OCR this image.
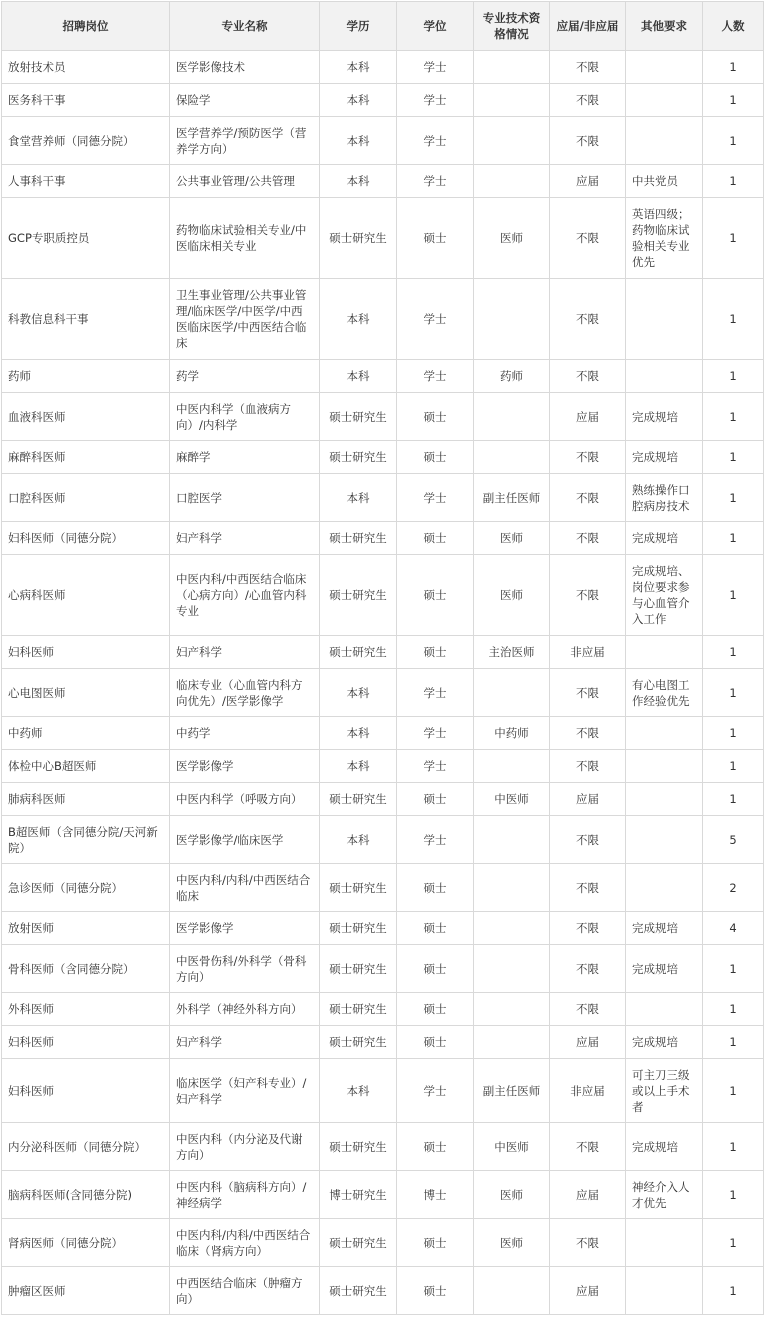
招聘岗位	专业名称	学历	学位	专业技术资格情况	应届/非应届	其他要求	人数
放射技术员	医学影像技术	本科	学士		不限		1
医务科干事	保险学	本科	学士		不限		1
食堂营养师（同德分院）	医学营养学/预防医学（营养学方向）	本科	学士		不限		1
人事科干事	公共事业管理/公共管理	本科	学士		应届	中共党员	1
GCP专职质控员	药物临床试验相关专业/中医临床相关专业	硕士研究生	硕士	医师	不限	英语四级；药物临床试验相关专业优先	1
科教信息科干事	卫生事业管理/公共事业管理/临床医学/中医学/中西医临床医学/中西医结合临床	本科	学士		不限		1
药师	药学	本科	学士	药师	不限		1
血液科医师	中医内科学（血液病方向）/内科学	硕士研究生	硕士		应届	完成规培	1
麻醉科医师	麻醉学	硕士研究生	硕士		不限	完成规培	1
口腔科医师	口腔医学	本科	学士	副主任医师	不限	熟练操作口腔病房技术	1
妇科医师（同德分院）	妇产科学	硕士研究生	硕士	医师	不限	完成规培	1
心病科医师	中医内科/中西医结合临床（心病方向）/心血管内科专业	硕士研究生	硕士	医师	不限	完成规培、岗位要求参与心血管介入工作	1
妇科医师	妇产科学	硕士研究生	硕士	主治医师	非应届		1
心电图医师	临床专业（心血管内科方向优先）/医学影像学	本科	学士		不限	有心电图工作经验优先	1
中药师	中药学	本科	学士	中药师	不限		1
体检中心B超医师	医学影像学	本科	学士		不限		1
肺病科医师	中医内科学（呼吸方向）	硕士研究生	硕士	中医师	应届		1
B超医师（含同德分院/天河新院）	医学影像学/临床医学	本科	学士		不限		5
急诊医师（同德分院）	中医内科/内科/中西医结合临床	硕士研究生	硕士		不限		2
放射医师	医学影像学	硕士研究生	硕士		不限	完成规培	4
骨科医师（含同德分院）	中医骨伤科/外科学（骨科方向）	硕士研究生	硕士		不限	完成规培	1
外科医师	外科学（神经外科方向）	硕士研究生	硕士		不限		1
妇科医师	妇产科学	硕士研究生	硕士		应届	完成规培	1
妇科医师	临床医学（妇产科专业）/妇产科学	本科	学士	副主任医师	非应届	可主刀三级或以上手术者	1
内分泌科医师（同德分院）	中医内科（内分泌及代谢方向）	硕士研究生	硕士	中医师	不限	完成规培	1
脑病科医师(含同德分院)	中医内科（脑病科方向）/神经病学	博士研究生	博士	医师	应届	神经介入人才优先	1
肾病医师（同德分院）	中医内科/内科/中西医结合临床（肾病方向）	硕士研究生	硕士	医师	不限		1
肿瘤区医师	中西医结合临床（肿瘤方向）	硕士研究生	硕士		应届		1
